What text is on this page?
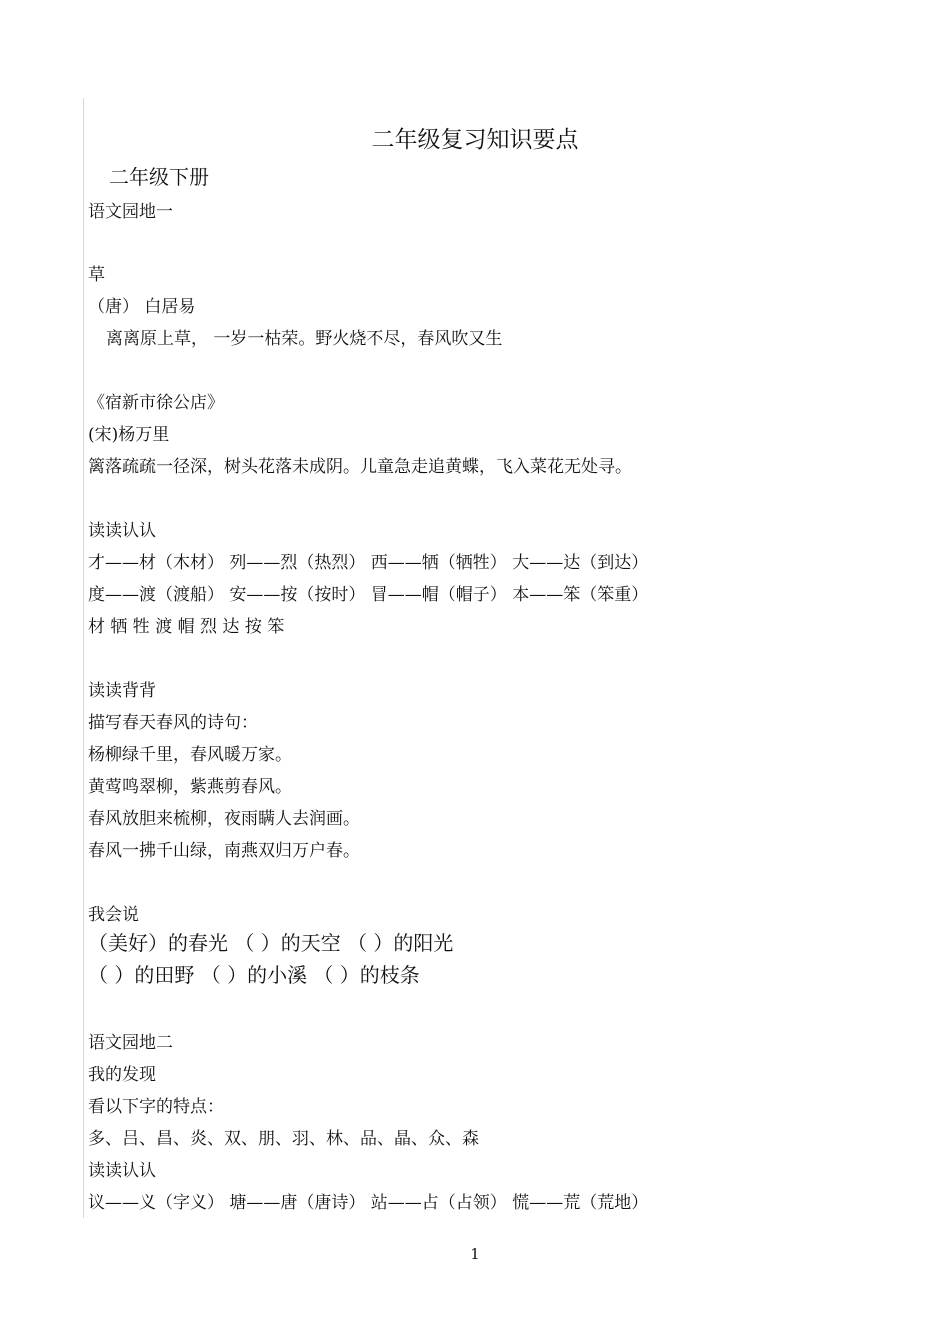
二年级复习知识要点
二年级下册
语文园地一
草
（唐） 白居易
离离原上草， 一岁一枯荣。野火烧不尽，春风吹又生
《宿新市徐公店》
(宋)杨万里
篱落疏疏一径深，树头花落未成阴。儿童急走追黄蝶，飞入菜花无处寻。
读读认认
才——材（木材） 列——烈（热烈） 西——牺（牺牲） 大——达（到达）
度——渡（渡船） 安——按（按时） 冒——帽（帽子） 本——笨（笨重）
材 牺 牲 渡 帽 烈 达 按 笨
读读背背
描写春天春风的诗句：
杨柳绿千里，春风暖万家。
黄莺鸣翠柳，紫燕剪春风。
春风放胆来梳柳，夜雨瞒人去润画。
春风一拂千山绿，南燕双归万户春。
我会说
（美好）的春光 （ ）的天空 （ ）的阳光
（ ）的田野 （ ）的小溪 （ ）的枝条
语文园地二
我的发现
看以下字的特点：
多、吕、昌、炎、双、朋、羽、林、品、晶、众、森
读读认认
议——义（字义） 塘——唐（唐诗） 站——占（占领） 慌——荒（荒地）
1
